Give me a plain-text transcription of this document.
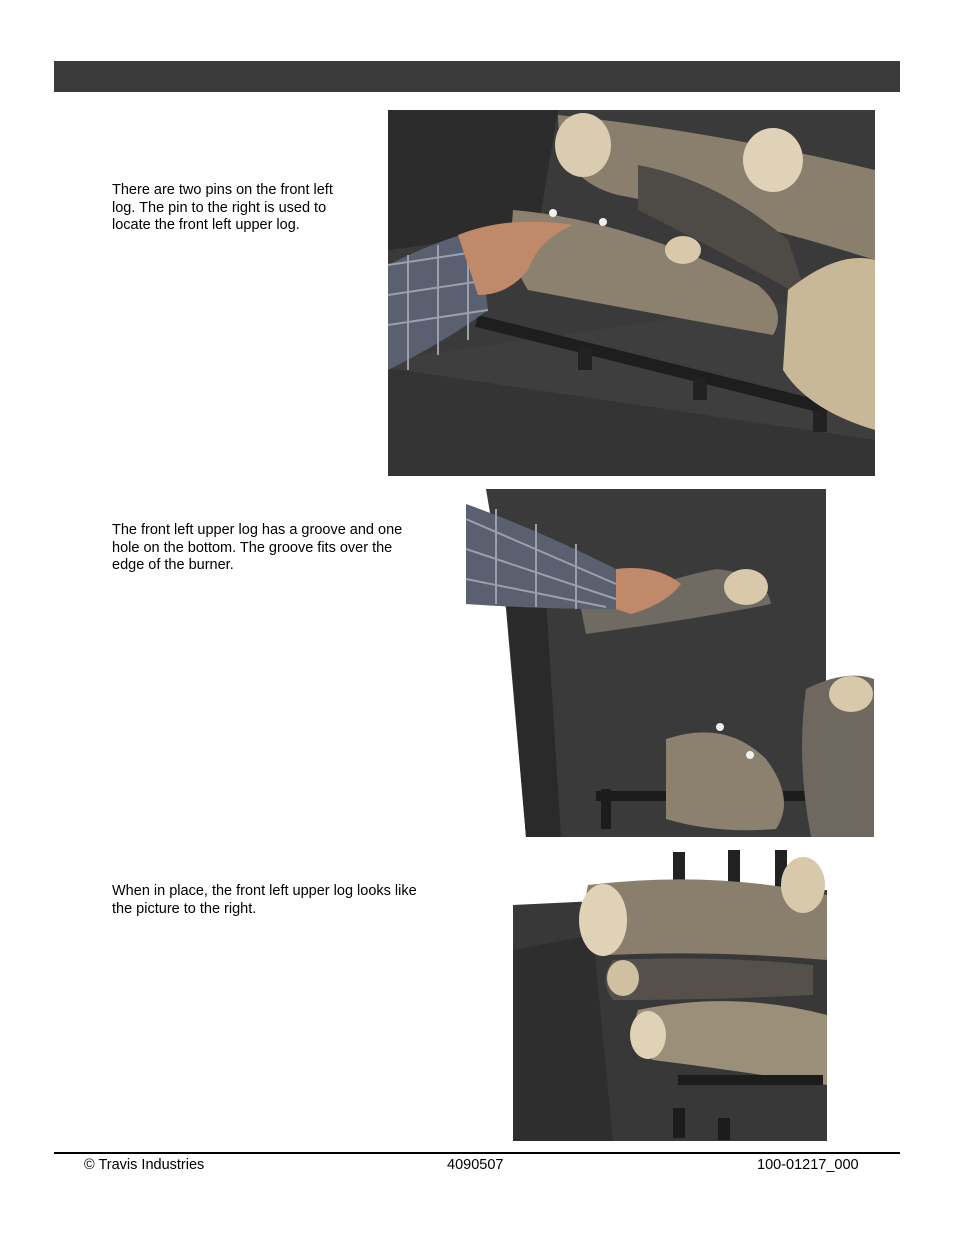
There are two pins on the front left log. The pin to the right is used to locate the front left upper log.
The front left upper log has a groove and one hole on the bottom. The groove fits over the edge of the burner.
When in place, the front left upper log looks like the picture to the right.
© Travis Industries	4090507	100-01217_000
